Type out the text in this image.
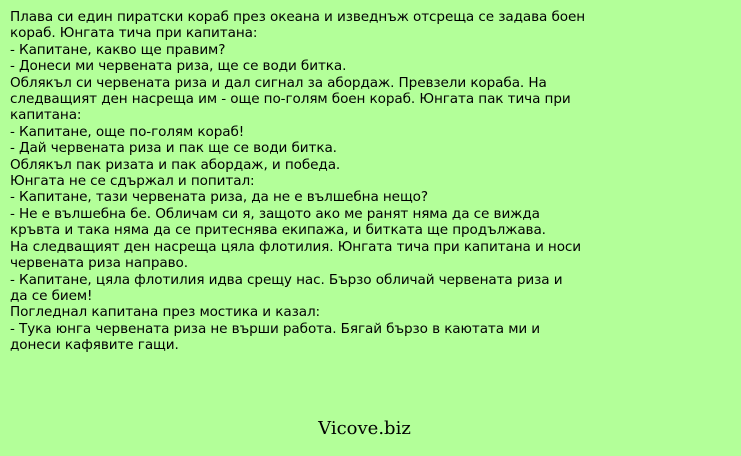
Плава си един пиратски кораб през океана и изведнъж отсреща се задава боен
кораб. Юнгата тича при капитана:
- Капитане, какво ще правим?
- Донеси ми червената риза, ще се води битка.
Облякъл си червената риза и дал сигнал за абордаж. Превзели кораба. На
следващият ден насреща им - още по-голям боен кораб. Юнгата пак тича при
капитана:
- Капитане, още по-голям кораб!
- Дай червената риза и пак ще се води битка.
Облякъл пак ризата и пак абордаж, и победа.
Юнгата не се сдържал и попитал:
- Капитане, тази червената риза, да не е вълшебна нещо?
- Не е вълшебна бе. Обличам си я, защото ако ме ранят няма да се вижда
кръвта и така няма да се притеснява екипажа, и битката ще продължава.
На следващият ден насреща цяла флотилия. Юнгата тича при капитана и носи
червената риза направо.
- Капитане, цяла флотилия идва срещу нас. Бързо обличай червената риза и
да се бием!
Погледнал капитана през мостика и казал:
- Тука юнга червената риза не върши работа. Бягай бързо в каютата ми и
донеси кафявите гащи.
Vicove.biz
